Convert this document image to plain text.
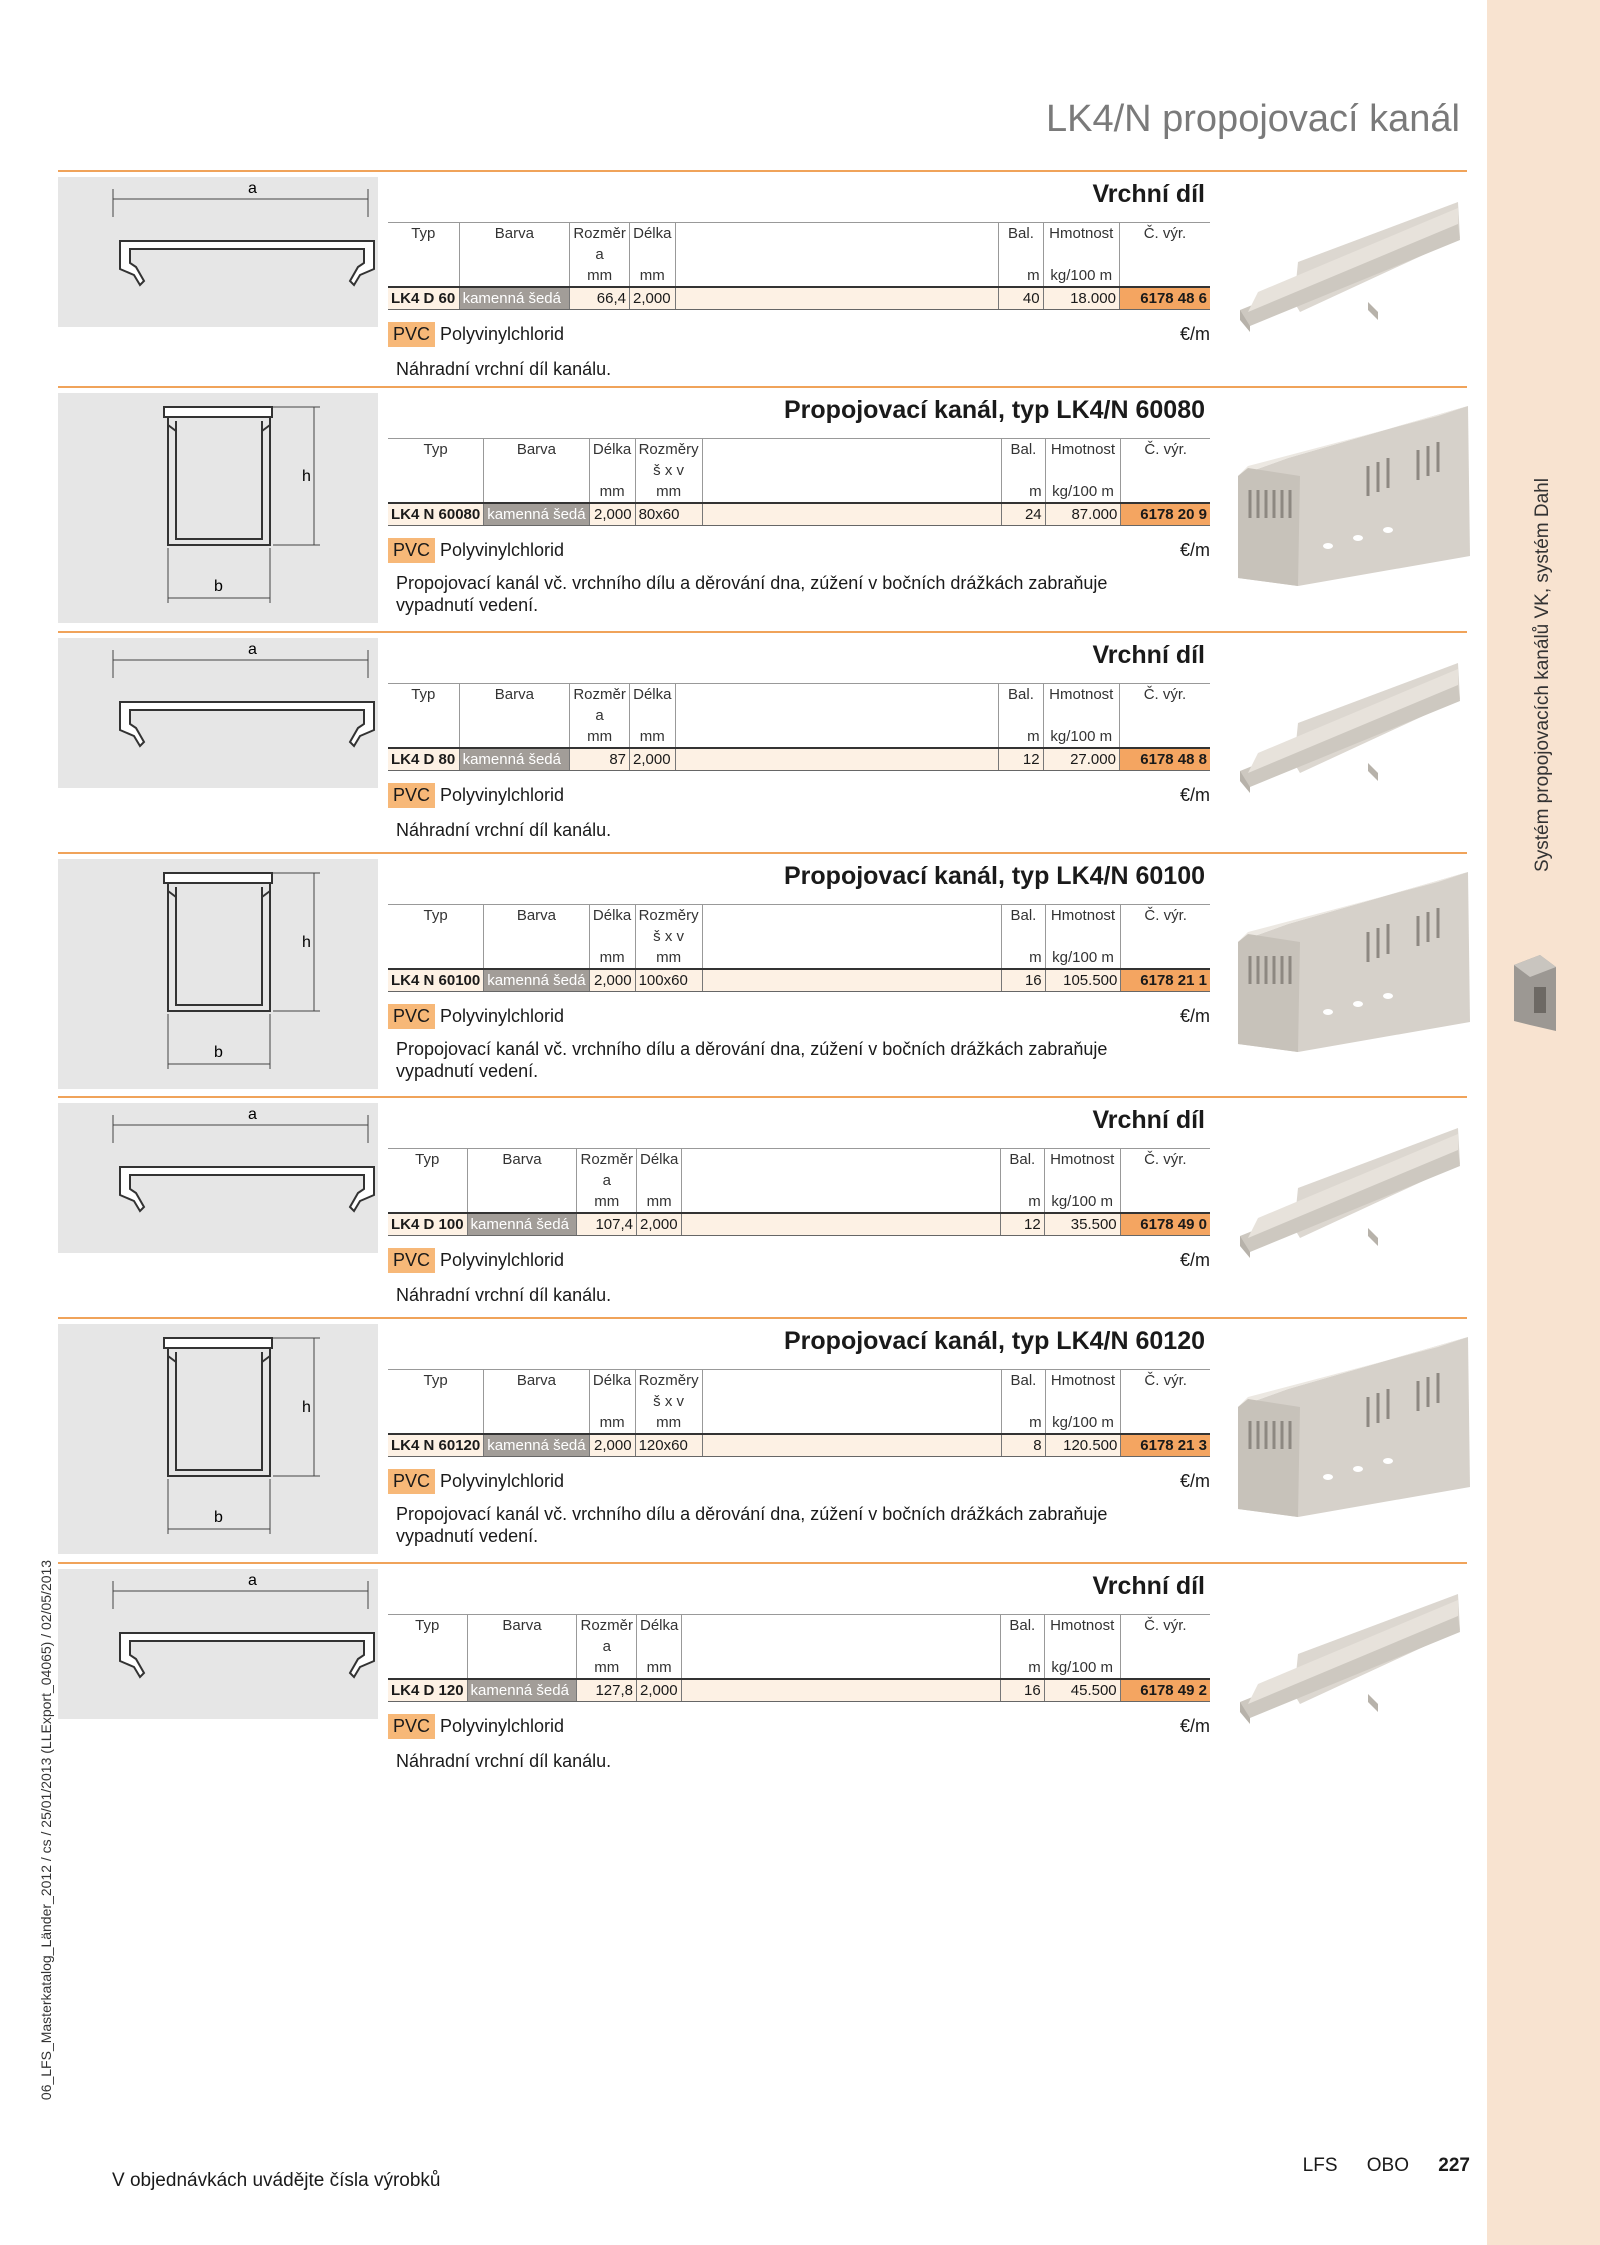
Systém propojovacích kanálů VK, systém Dahl
06_LFS_Masterkatalog_Länder_2012 / cs / 25/01/2013 (LLExport_04065) / 02/05/2013
LK4/N propojovací kanál
a	Vrchní díl
Typ	Barva	Rozměr a	Délka		Bal.	Hmotnost	Č. výr.
		mm	mm		m	kg/100 m	
LK4 D 60	kamenná šedá	66,4	2,000		40	18.000	6178 48 6
PVC Polyvinylchlorid	€/m
Náhradní vrchní díl kanálu.
h
b
Propojovací kanál, typ LK4/N 60080
Typ	Barva	Délka	Rozměry š x v		Bal.	Hmotnost	Č. výr.
		mm	mm		m	kg/100 m	
LK4 N 60080	kamenná šedá	2,000	80x60		24	87.000	6178 20 9
PVC Polyvinylchlorid	€/m
Propojovací kanál vč. vrchního dílu a děrování dna, zúžení v bočních drážkách zabraňuje vypadnutí vedení.
a	Vrchní díl
Typ	Barva	Rozměr a	Délka		Bal.	Hmotnost	Č. výr.
		mm	mm		m	kg/100 m	
LK4 D 80	kamenná šedá	87	2,000		12	27.000	6178 48 8
PVC Polyvinylchlorid	€/m
Náhradní vrchní díl kanálu.
h
b
Propojovací kanál, typ LK4/N 60100
Typ	Barva	Délka	Rozměry š x v		Bal.	Hmotnost	Č. výr.
		mm	mm		m	kg/100 m	
LK4 N 60100	kamenná šedá	2,000	100x60		16	105.500	6178 21 1
PVC Polyvinylchlorid	€/m
Propojovací kanál vč. vrchního dílu a děrování dna, zúžení v bočních drážkách zabraňuje vypadnutí vedení.
a	Vrchní díl
Typ	Barva	Rozměr a	Délka		Bal.	Hmotnost	Č. výr.
		mm	mm		m	kg/100 m	
LK4 D 100	kamenná šedá	107,4	2,000		12	35.500	6178 49 0
PVC Polyvinylchlorid	€/m
Náhradní vrchní díl kanálu.
h
b
Propojovací kanál, typ LK4/N 60120
Typ	Barva	Délka	Rozměry š x v		Bal.	Hmotnost	Č. výr.
		mm	mm		m	kg/100 m	
LK4 N 60120	kamenná šedá	2,000	120x60		8	120.500	6178 21 3
PVC Polyvinylchlorid	€/m
Propojovací kanál vč. vrchního dílu a děrování dna, zúžení v bočních drážkách zabraňuje vypadnutí vedení.
a	Vrchní díl
Typ	Barva	Rozměr a	Délka		Bal.	Hmotnost	Č. výr.
		mm	mm		m	kg/100 m	
LK4 D 120	kamenná šedá	127,8	2,000		16	45.500	6178 49 2
PVC Polyvinylchlorid	€/m
Náhradní vrchní díl kanálu.
V objednávkách uvádějte čísla výrobků
LFS OBO 227
